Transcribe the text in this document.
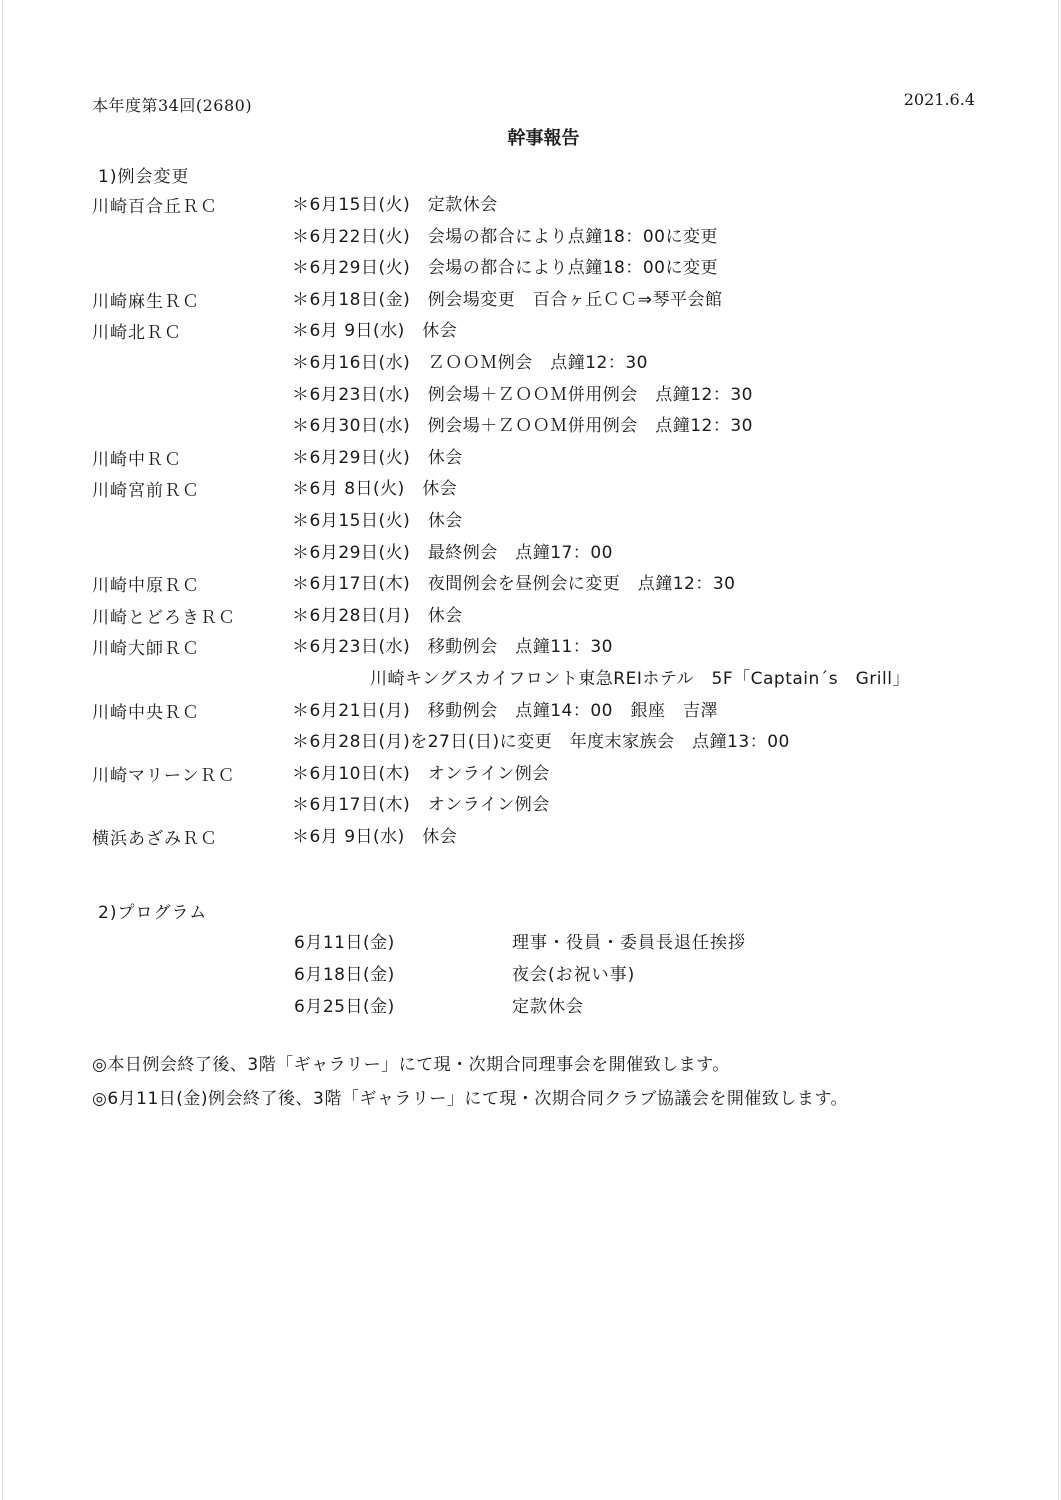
本年度第34回(2680)	2021.6.4
幹事報告
1)例会変更
川崎百合丘ＲＣ	＊6月15日(火)　定款休会
＊6月22日(火)　会場の都合により点鐘18：00に変更
＊6月29日(火)　会場の都合により点鐘18：00に変更
川崎麻生ＲＣ	＊6月18日(金)　例会場変更　百合ヶ丘ＣＣ⇒琴平会館
川崎北ＲＣ	＊6月 9日(水)　休会
＊6月16日(水)　ＺＯＯＭ例会　点鐘12：30
＊6月23日(水)　例会場＋ＺＯＯＭ併用例会　点鐘12：30
＊6月30日(水)　例会場＋ＺＯＯＭ併用例会　点鐘12：30
川崎中ＲＣ	＊6月29日(火)　休会
川崎宮前ＲＣ	＊6月 8日(火)　休会
＊6月15日(火)　休会
＊6月29日(火)　最終例会　点鐘17：00
川崎中原ＲＣ	＊6月17日(木)　夜間例会を昼例会に変更　点鐘12：30
川崎とどろきＲＣ	＊6月28日(月)　休会
川崎大師ＲＣ	＊6月23日(水)　移動例会　点鐘11：30
川崎キングスカイフロント東急REIホテル　5F「Captain´s　Grill」
川崎中央ＲＣ	＊6月21日(月)　移動例会　点鐘14：00　銀座　吉澤
＊6月28日(月)を27日(日)に変更　年度末家族会　点鐘13：00
川崎マリーンＲＣ	＊6月10日(木)　オンライン例会
＊6月17日(木)　オンライン例会
横浜あざみＲＣ	＊6月 9日(水)　休会
2)プログラム
6月11日(金)	理事・役員・委員長退任挨拶
6月18日(金)	夜会(お祝い事)
6月25日(金)	定款休会
◎本日例会終了後、3階「ギャラリー」にて現・次期合同理事会を開催致します。
◎6月11日(金)例会終了後、3階「ギャラリー」にて現・次期合同クラブ協議会を開催致します。
